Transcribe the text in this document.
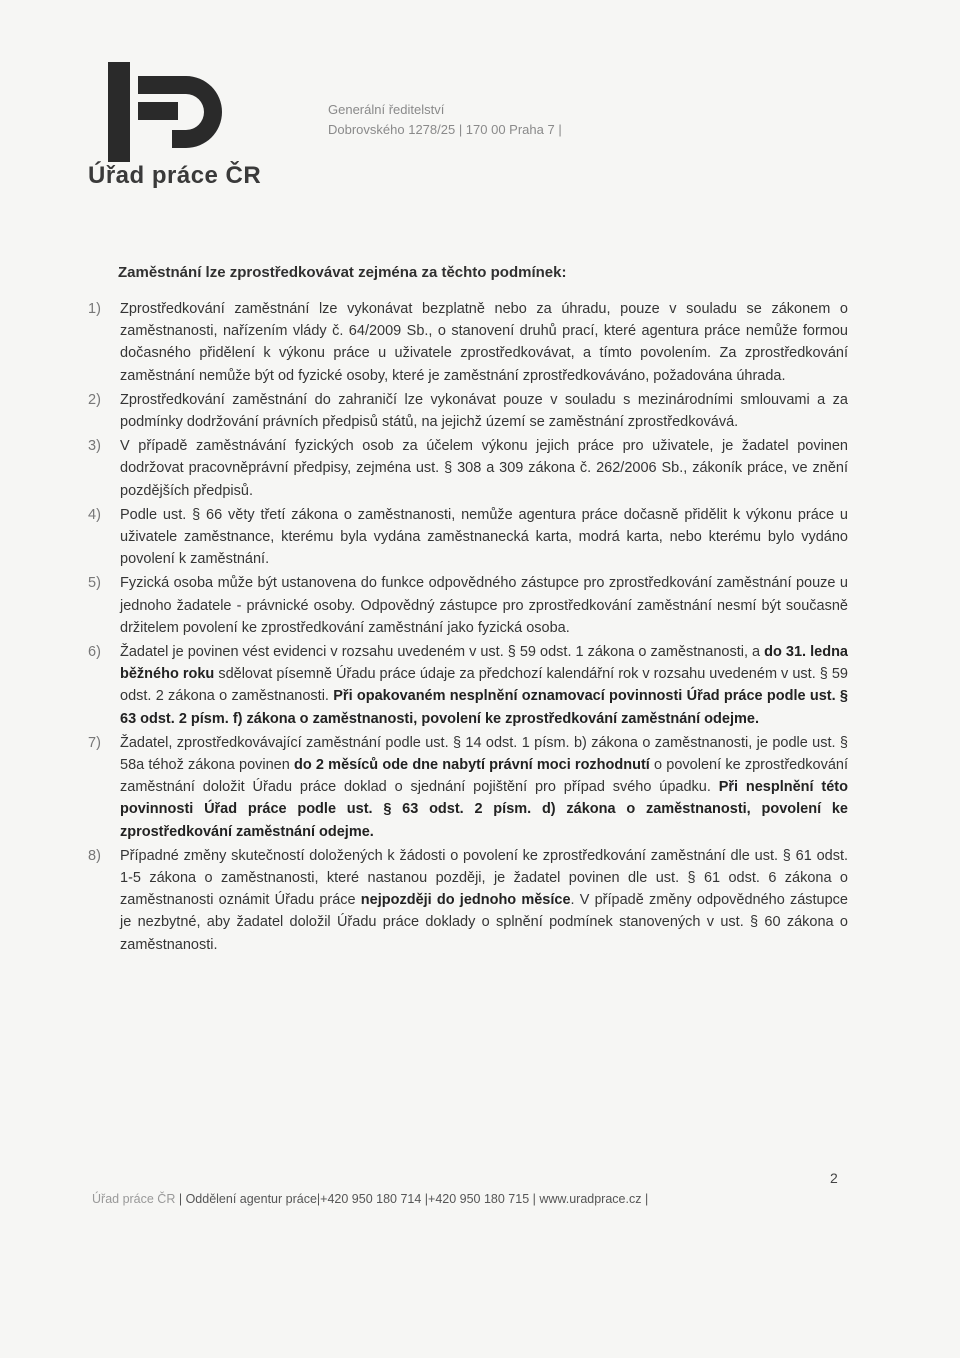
Úřad práce ČR
Generální ředitelství
Dobrovského 1278/25 | 170 00 Praha 7 |
Zaměstnání lze zprostředkovávat zejména za těchto podmínek:
1)	Zprostředkování zaměstnání lze vykonávat bezplatně nebo za úhradu, pouze v souladu se zákonem o zaměstnanosti, nařízením vlády č. 64/2009 Sb., o stanovení druhů prací, které agentura práce nemůže formou dočasného přidělení k výkonu práce u uživatele zprostředkovávat, a tímto povolením. Za zprostředkování zaměstnání nemůže být od fyzické osoby, které je zaměstnání zprostředkováváno, požadována úhrada.
2)	Zprostředkování zaměstnání do zahraničí lze vykonávat pouze v souladu s mezinárodními smlouvami a za podmínky dodržování právních předpisů států, na jejichž území se zaměstnání zprostředkovává.
3)	V případě zaměstnávání fyzických osob za účelem výkonu jejich práce pro uživatele, je žadatel povinen dodržovat pracovněprávní předpisy, zejména ust. § 308 a 309 zákona č. 262/2006 Sb., zákoník práce, ve znění pozdějších předpisů.
4)	Podle ust. § 66 věty třetí zákona o zaměstnanosti, nemůže agentura práce dočasně přidělit k výkonu práce u uživatele zaměstnance, kterému byla vydána zaměstnanecká karta, modrá karta, nebo kterému bylo vydáno povolení k zaměstnání.
5)	Fyzická osoba může být ustanovena do funkce odpovědného zástupce pro zprostředkování zaměstnání pouze u jednoho žadatele - právnické osoby. Odpovědný zástupce pro zprostředkování zaměstnání nesmí být současně držitelem povolení ke zprostředkování zaměstnání jako fyzická osoba.
6)	Žadatel je povinen vést evidenci v rozsahu uvedeném v ust. § 59 odst. 1 zákona o zaměstnanosti, a do 31. ledna běžného roku sdělovat písemně Úřadu práce údaje za předchozí kalendářní rok v rozsahu uvedeném v ust. § 59 odst. 2 zákona o zaměstnanosti. Při opakovaném nesplnění oznamovací povinnosti Úřad práce podle ust. § 63 odst. 2 písm. f) zákona o zaměstnanosti, povolení ke zprostředkování zaměstnání odejme.
7)	Žadatel, zprostředkovávající zaměstnání podle ust. § 14 odst. 1 písm. b) zákona o zaměstnanosti, je podle ust. § 58a téhož zákona povinen do 2 měsíců ode dne nabytí právní moci rozhodnutí o povolení ke zprostředkování zaměstnání doložit Úřadu práce doklad o sjednání pojištění pro případ svého úpadku. Při nesplnění této povinnosti Úřad práce podle ust. § 63 odst. 2 písm. d) zákona o zaměstnanosti, povolení ke zprostředkování zaměstnání odejme.
8)	Případné změny skutečností doložených k žádosti o povolení ke zprostředkování zaměstnání dle ust. § 61 odst. 1-5 zákona o zaměstnanosti, které nastanou později, je žadatel povinen dle ust. § 61 odst. 6 zákona o zaměstnanosti oznámit Úřadu práce nejpozději do jednoho měsíce. V případě změny odpovědného zástupce je nezbytné, aby žadatel doložil Úřadu práce doklady o splnění podmínek stanovených v ust. § 60 zákona o zaměstnanosti.
Úřad práce ČR | Oddělení agentur práce|+420 950 180 714 |+420 950 180 715 | www.uradprace.cz |
2
